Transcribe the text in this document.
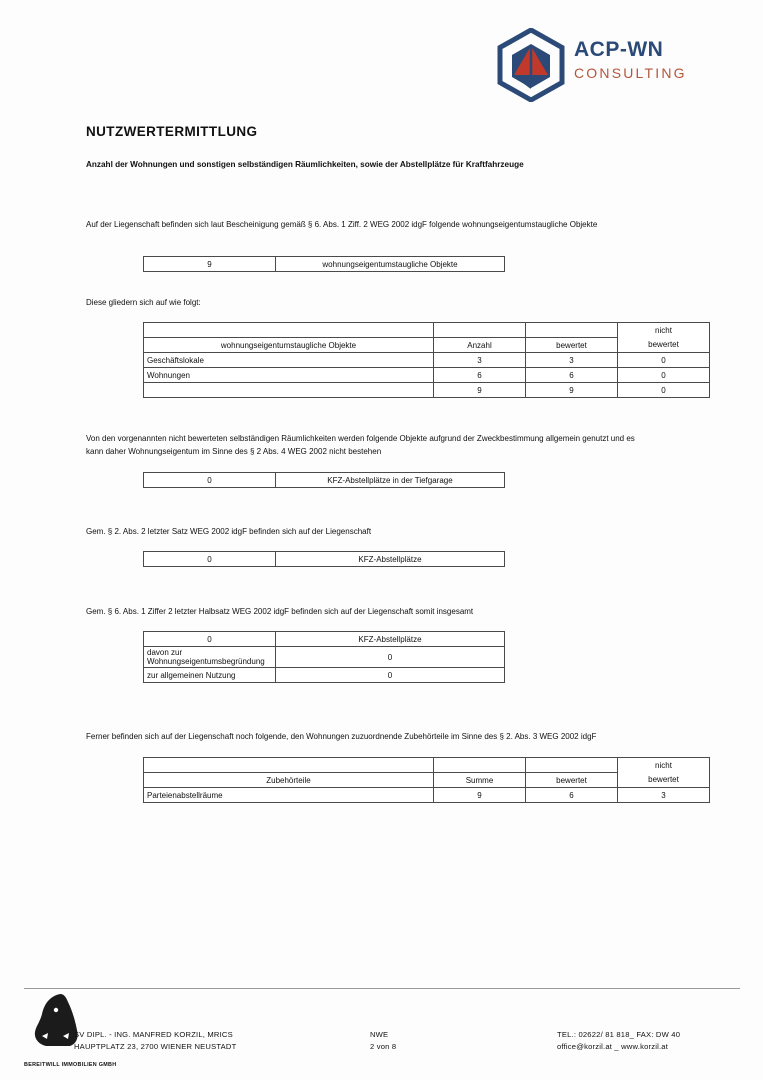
ACP-WN
CONSULTING
NUTZWERTERMITTLUNG
Anzahl der Wohnungen und sonstigen selbständigen Räumlichkeiten, sowie der Abstellplätze für Kraftfahrzeuge
Auf der Liegenschaft befinden sich laut Bescheinigung gemäß § 6. Abs. 1 Ziff. 2 WEG 2002 idgF folgende wohnungseigentumstaugliche Objekte
9	wohnungseigentumstaugliche Objekte
Diese gliedern sich auf wie folgt:
			nicht
wohnungseigentumstaugliche Objekte	Anzahl	bewertet	bewertet
Geschäftslokale	3	3	0
Wohnungen	6	6	0
	9	9	0
Von den vorgenannten nicht bewerteten selbständigen Räumlichkeiten werden folgende Objekte aufgrund der Zweckbestimmung allgemein genutzt und es kann daher Wohnungseigentum im Sinne des § 2 Abs. 4 WEG 2002 nicht bestehen
0	KFZ-Abstellplätze in der Tiefgarage
Gem. § 2. Abs. 2 letzter Satz WEG 2002 idgF befinden sich auf der Liegenschaft
0	KFZ-Abstellplätze
Gem. § 6. Abs. 1 Ziffer 2 letzter Halbsatz WEG 2002 idgF befinden sich auf der Liegenschaft somit insgesamt
0	KFZ-Abstellplätze
davon zur Wohnungseigentumsbegründung	0
zur allgemeinen Nutzung	0
Ferner befinden sich auf der Liegenschaft noch folgende, den Wohnungen zuzuordnende Zubehörteile im Sinne des § 2. Abs. 3 WEG 2002 idgF
			nicht
Zubehörteile	Summe	bewertet	bewertet
Parteienabstellräume	9	6	3
SV DIPL. - ING. MANFRED KORZIL, MRICS
HAUPTPLATZ 23, 2700 WIENER NEUSTADT
NWE
2 von 8
TEL.: 02622/ 81 818_ FAX: DW 40
office@korzil.at _ www.korzil.at
BEREITWILL IMMOBILIEN GMBH
